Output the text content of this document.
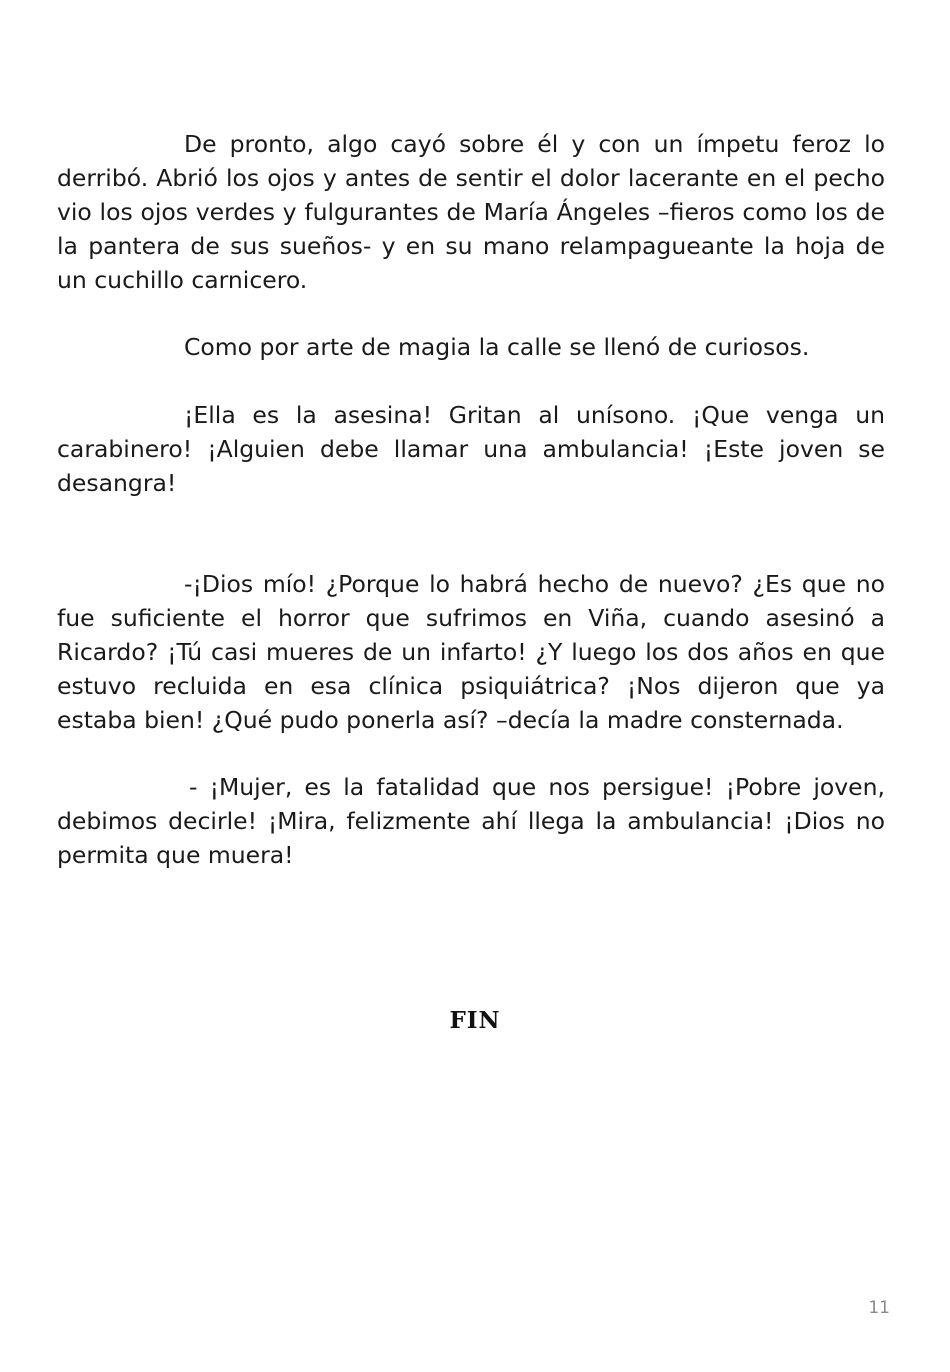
De pronto, algo cayó sobre él y con un ímpetu feroz lo derribó. Abrió los ojos y antes de sentir el dolor lacerante en el pecho vio los ojos verdes y fulgurantes de María Ángeles –fieros como los de la pantera de sus sueños- y en su mano relampagueante la hoja de un cuchillo carnicero.

Como por arte de magia la calle se llenó de curiosos.

¡Ella es la asesina! Gritan al unísono. ¡Que venga un carabinero! ¡Alguien debe llamar una ambulancia! ¡Este joven se desangra!

-¡Dios mío! ¿Porque lo habrá hecho de nuevo? ¿Es que no fue suficiente el horror que sufrimos en Viña, cuando asesinó a Ricardo? ¡Tú casi mueres de un infarto! ¿Y luego los dos años en que estuvo recluida en esa clínica psiquiátrica? ¡Nos dijeron que ya estaba bien! ¿Qué pudo ponerla así? –decía la madre consternada.

- ¡Mujer, es la fatalidad que nos persigue! ¡Pobre joven, debimos decirle! ¡Mira, felizmente ahí llega la ambulancia! ¡Dios no permita que muera!

FIN
11
